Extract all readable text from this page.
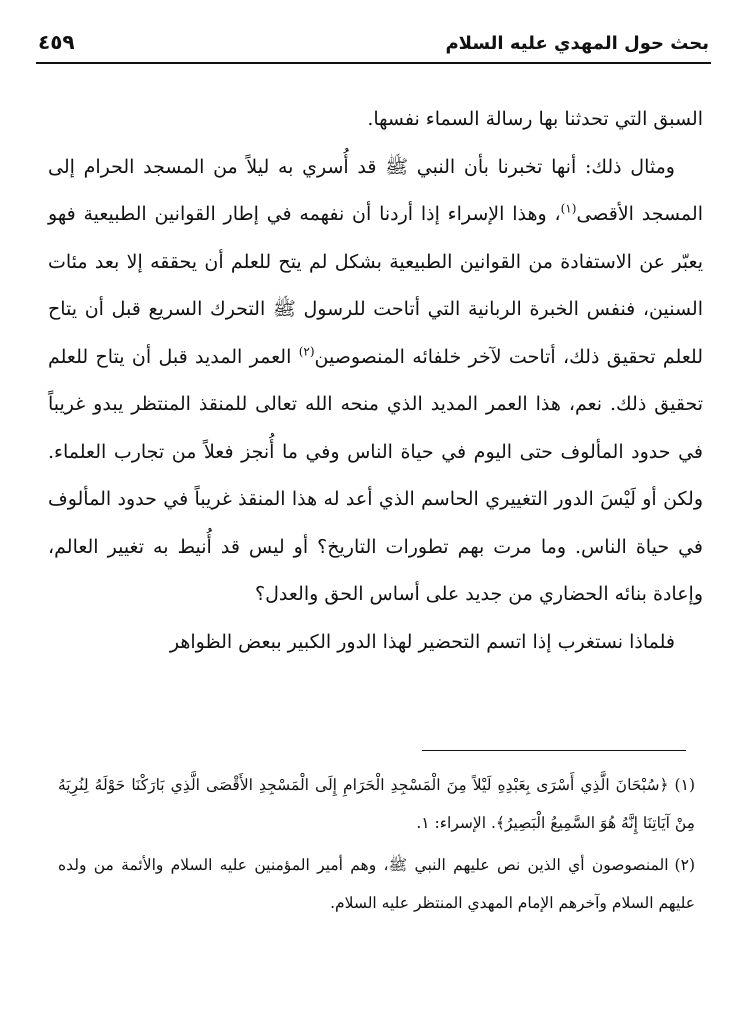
بحث حول المهدي عليه السلام
٤٥٩

السبق التي تحدثنا بها رسالة السماء نفسها.

ومثال ذلك: أنها تخبرنا بأن النبي ﷺ قد أُسري به ليلاً من المسجد الحرام إلى المسجد الأقصى$^{(١)}$، وهذا الإسراء إذا أردنا أن نفهمه في إطار القوانين الطبيعية فهو يعبّر عن الاستفادة من القوانين الطبيعية بشكل لم يتح للعلم أن يحققه إلا بعد مئات السنين، فنفس الخبرة الربانية التي أتاحت للرسول ﷺ التحرك السريع قبل أن يتاح للعلم تحقيق ذلك، أتاحت لآخر خلفائه المنصوصين$^{(٢)}$ العمر المديد قبل أن يتاح للعلم تحقيق ذلك. نعم، هذا العمر المديد الذي منحه الله تعالى للمنقذ المنتظر يبدو غريباً في حدود المألوف حتى اليوم في حياة الناس وفي ما أُنجز فعلاً من تجارب العلماء. ولكن أو لَيْسَ الدور التغييري الحاسم الذي أعد له هذا المنقذ غريباً في حدود المألوف في حياة الناس. وما مرت بهم تطورات التاريخ؟ أو ليس قد أُنيط به تغيير العالم، وإعادة بنائه الحضاري من جديد على أساس الحق والعدل؟

فلماذا نستغرب إذا اتسم التحضير لهذا الدور الكبير ببعض الظواهر

(١)﴿سُبْحَانَ الَّذِي أَسْرَى بِعَبْدِهِ لَيْلاً مِنَ الْمَسْجِدِ الْحَرَامِ إِلَى الْمَسْجِدِ الأَقْصَى الَّذِي بَارَكْنَا حَوْلَهُ لِنُرِيَهُ مِنْ آيَاتِنَا إِنَّهُ هُوَ السَّمِيعُ الْبَصِيرُ﴾. الإسراء: ١.

(٢)المنصوصون أي الذين نص عليهم النبي ﷺ، وهم أمير المؤمنين عليه السلام والأئمة من ولده عليهم السلام وآخرهم الإمام المهدي المنتظر عليه السلام.
